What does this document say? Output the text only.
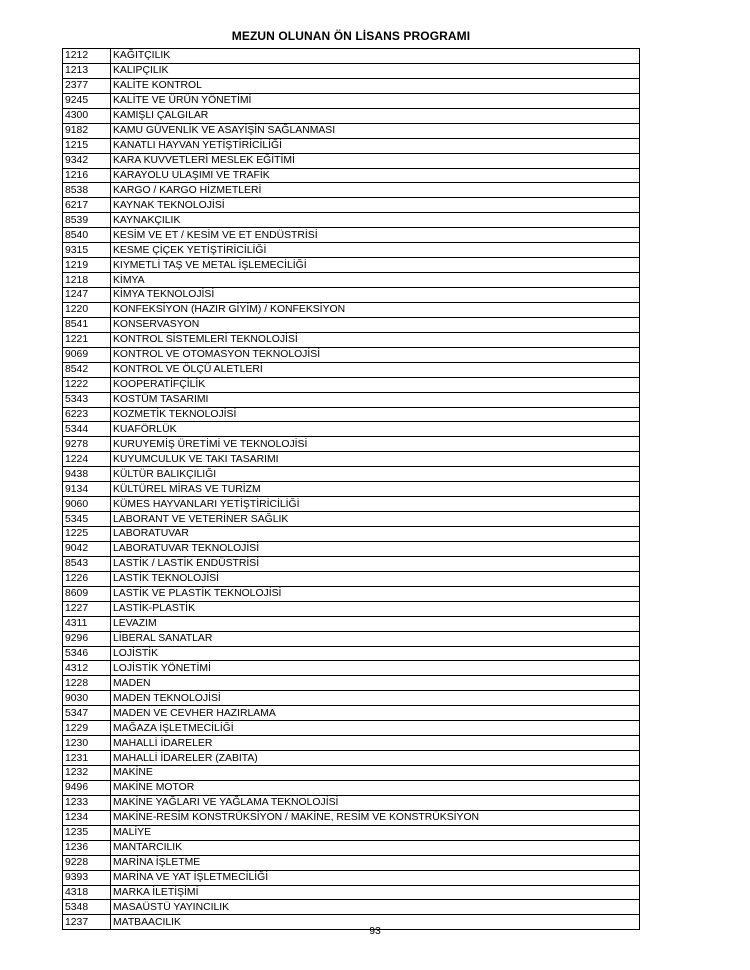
MEZUN OLUNAN ÖN LİSANS PROGRAMI
1212	KAĞITÇILIK
1213	KALIPÇILIK
2377	KALİTE KONTROL
9245	KALİTE VE ÜRÜN YÖNETİMİ
4300	KAMIŞLI ÇALGILAR
9182	KAMU GÜVENLİK VE ASAYİŞİN SAĞLANMASI
1215	KANATLI HAYVAN YETİŞTİRİCİLİĞİ
9342	KARA KUVVETLERİ MESLEK EĞİTİMİ
1216	KARAYOLU ULAŞIMI VE TRAFİK
8538	KARGO / KARGO HİZMETLERİ
6217	KAYNAK TEKNOLOJİSİ
8539	KAYNAKÇILIK
8540	KESİM VE ET / KESİM VE ET ENDÜSTRİSİ
9315	KESME ÇİÇEK YETİŞTİRİCİLİĞİ
1219	KIYMETLİ TAŞ VE METAL İŞLEMECİLİĞİ
1218	KİMYA
1247	KİMYA TEKNOLOJİSİ
1220	KONFEKSİYON (HAZIR GİYİM) / KONFEKSİYON
8541	KONSERVASYON
1221	KONTROL SİSTEMLERİ TEKNOLOJİSİ
9069	KONTROL VE OTOMASYON TEKNOLOJİSİ
8542	KONTROL VE ÖLÇÜ ALETLERİ
1222	KOOPERATİFÇİLİK
5343	KOSTÜM TASARIMI
6223	KOZMETİK TEKNOLOJİSİ
5344	KUAFÖRLÜK
9278	KURUYEMİŞ ÜRETİMİ VE TEKNOLOJİSİ
1224	KUYUMCULUK VE TAKI TASARIMI
9438	KÜLTÜR BALIKÇILIĞI
9134	KÜLTÜREL MİRAS VE TURİZM
9060	KÜMES HAYVANLARI YETİŞTİRİCİLİĞİ
5345	LABORANT VE VETERİNER SAĞLIK
1225	LABORATUVAR
9042	LABORATUVAR TEKNOLOJİSİ
8543	LASTİK / LASTİK ENDÜSTRİSİ
1226	LASTİK TEKNOLOJİSİ
8609	LASTİK VE PLASTİK TEKNOLOJİSİ
1227	LASTİK-PLASTİK
4311	LEVAZIM
9296	LİBERAL SANATLAR
5346	LOJİSTİK
4312	LOJİSTİK YÖNETİMİ
1228	MADEN
9030	MADEN TEKNOLOJİSİ
5347	MADEN VE CEVHER HAZIRLAMA
1229	MAĞAZA İŞLETMECİLİĞİ
1230	MAHALLİ İDARELER
1231	MAHALLİ İDARELER (ZABITA)
1232	MAKİNE
9496	MAKİNE MOTOR
1233	MAKİNE YAĞLARI VE YAĞLAMA TEKNOLOJİSİ
1234	MAKİNE-RESİM KONSTRÜKSİYON / MAKİNE, RESİM VE KONSTRÜKSİYON
1235	MALİYE
1236	MANTARCILIK
9228	MARİNA İŞLETME
9393	MARİNA VE YAT İŞLETMECİLİĞİ
4318	MARKA İLETİŞİMİ
5348	MASAÜSTÜ YAYINCILIK
1237	MATBAACILIK
93
